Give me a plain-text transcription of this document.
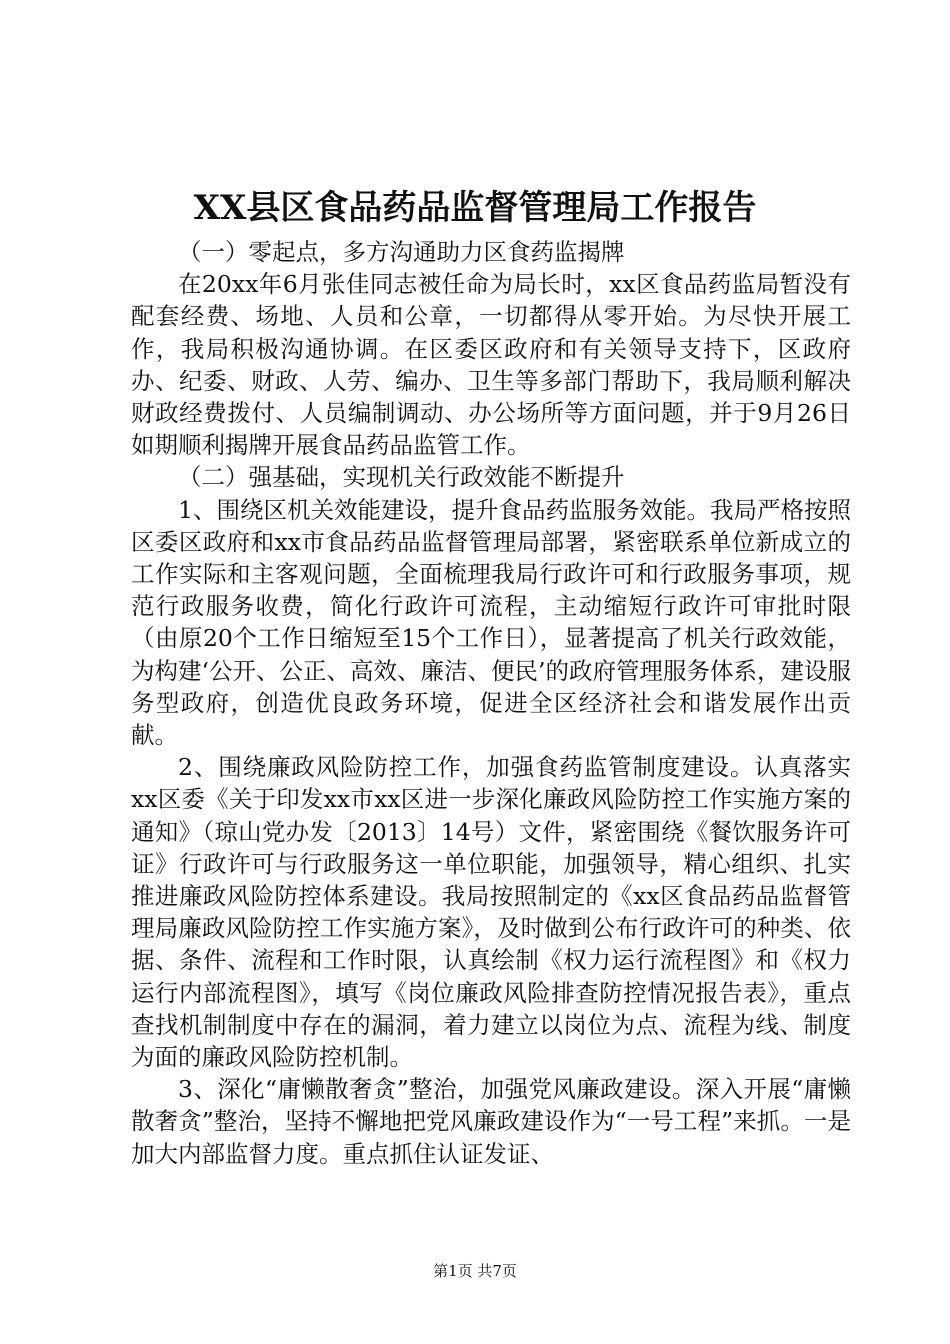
XX县区食品药品监督管理局工作报告

（一）零起点，多方沟通助力区食药监揭牌

在20xx年6月张佳同志被任命为局长时，xx区食品药监局暂没有配套经费、场地、人员和公章，一切都得从零开始。为尽快开展工作，我局积极沟通协调。在区委区政府和有关领导支持下，区政府办、纪委、财政、人劳、编办、卫生等多部门帮助下，我局顺利解决财政经费拨付、人员编制调动、办公场所等方面问题，并于9月26日如期顺利揭牌开展食品药品监管工作。

（二）强基础，实现机关行政效能不断提升

1、围绕区机关效能建设，提升食品药监服务效能。我局严格按照区委区政府和xx市食品药品监督管理局部署，紧密联系单位新成立的工作实际和主客观问题，全面梳理我局行政许可和行政服务事项，规范行政服务收费，简化行政许可流程，主动缩短行政许可审批时限（由原20个工作日缩短至15个工作日），显著提高了机关行政效能，为构建‘公开、公正、高效、廉洁、便民’的政府管理服务体系，建设服务型政府，创造优良政务环境，促进全区经济社会和谐发展作出贡献。

2、围绕廉政风险防控工作，加强食药监管制度建设。认真落实xx区委《关于印发xx市xx区进一步深化廉政风险防控工作实施方案的通知》（琼山党办发〔2013〕14号）文件，紧密围绕《餐饮服务许可证》行政许可与行政服务这一单位职能，加强领导，精心组织、扎实推进廉政风险防控体系建设。我局按照制定的《xx区食品药品监督管理局廉政风险防控工作实施方案》，及时做到公布行政许可的种类、依据、条件、流程和工作时限，认真绘制《权力运行流程图》和《权力运行内部流程图》，填写《岗位廉政风险排查防控情况报告表》，重点查找机制制度中存在的漏洞，着力建立以岗位为点、流程为线、制度为面的廉政风险防控机制。

3、深化“庸懒散奢贪”整治，加强党风廉政建设。深入开展“庸懒散奢贪”整治，坚持不懈地把党风廉政建设作为“一号工程”来抓。一是加大内部监督力度。重点抓住认证发证、

第1页 共7页
